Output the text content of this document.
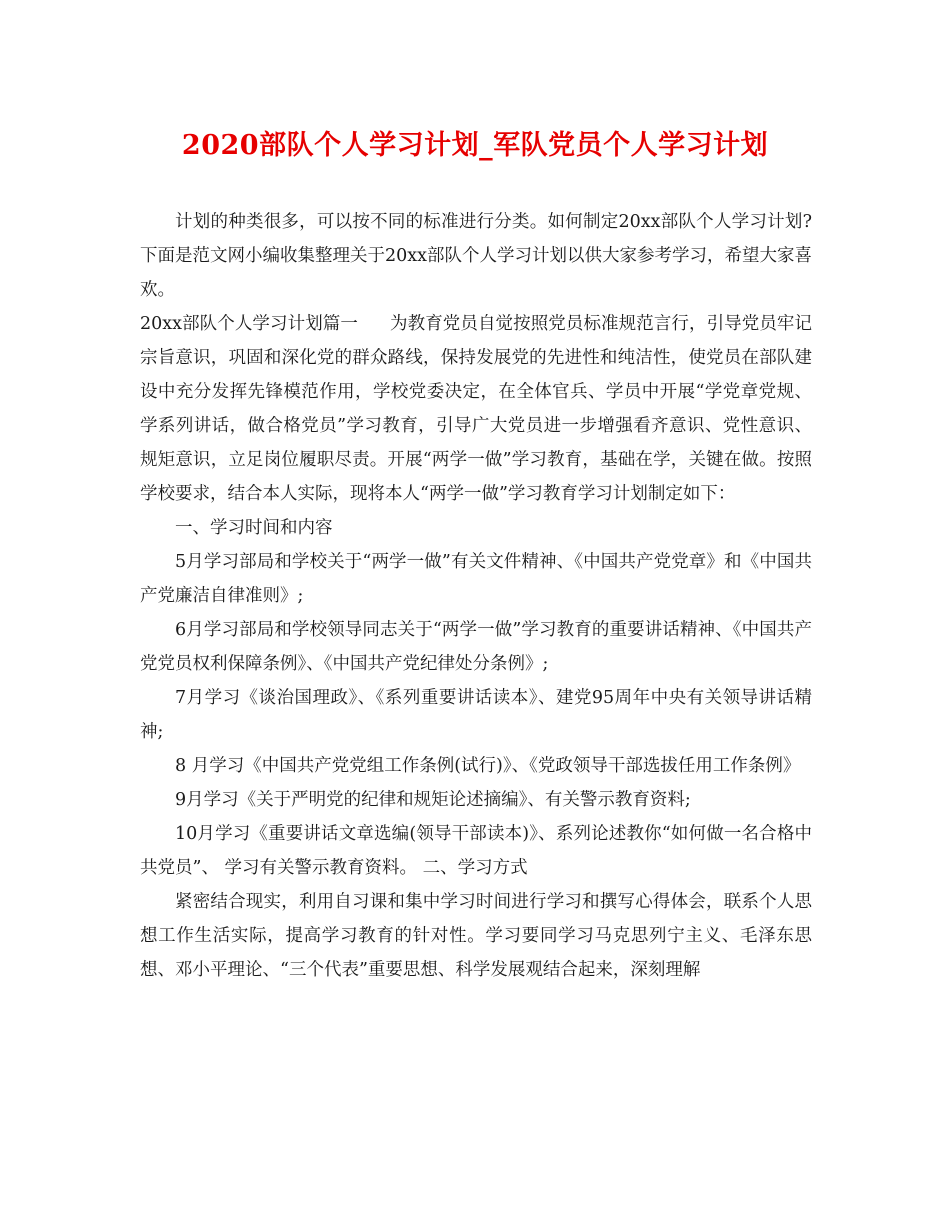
2020部队个人学习计划_军队党员个人学习计划

计划的种类很多，可以按不同的标准进行分类。如何制定20xx部队个人学习计划?下面是范文网小编收集整理关于20xx部队个人学习计划以供大家参考学习，希望大家喜欢。

20xx部队个人学习计划篇一 为教育党员自觉按照党员标准规范言行，引导党员牢记宗旨意识，巩固和深化党的群众路线，保持发展党的先进性和纯洁性，使党员在部队建设中充分发挥先锋模范作用，学校党委决定，在全体官兵、学员中开展“学党章党规、学系列讲话，做合格党员”学习教育，引导广大党员进一步增强看齐意识、党性意识、规矩意识，立足岗位履职尽责。开展“两学一做”学习教育，基础在学，关键在做。按照学校要求，结合本人实际，现将本人“两学一做”学习教育学习计划制定如下：

一、学习时间和内容

5月学习部局和学校关于“两学一做”有关文件精神、《中国共产党党章》和《中国共产党廉洁自律准则》;

6月学习部局和学校领导同志关于“两学一做”学习教育的重要讲话精神、《中国共产党党员权利保障条例》、《中国共产党纪律处分条例》;

7月学习《谈治国理政》、《系列重要讲话读本》、建党95周年中央有关领导讲话精神;

8 月学习《中国共产党党组工作条例(试行)》、《党政领导干部选拔任用工作条例》

9月学习《关于严明党的纪律和规矩论述摘编》、有关警示教育资料;

10月学习《重要讲话文章选编(领导干部读本)》、系列论述教你“如何做一名合格中共党员”、 学习有关警示教育资料。 二、学习方式

紧密结合现实，利用自习课和集中学习时间进行学习和撰写心得体会，联系个人思想工作生活实际，提高学习教育的针对性。学习要同学习马克思列宁主义、毛泽东思想、邓小平理论、“三个代表”重要思想、科学发展观结合起来，深刻理解
